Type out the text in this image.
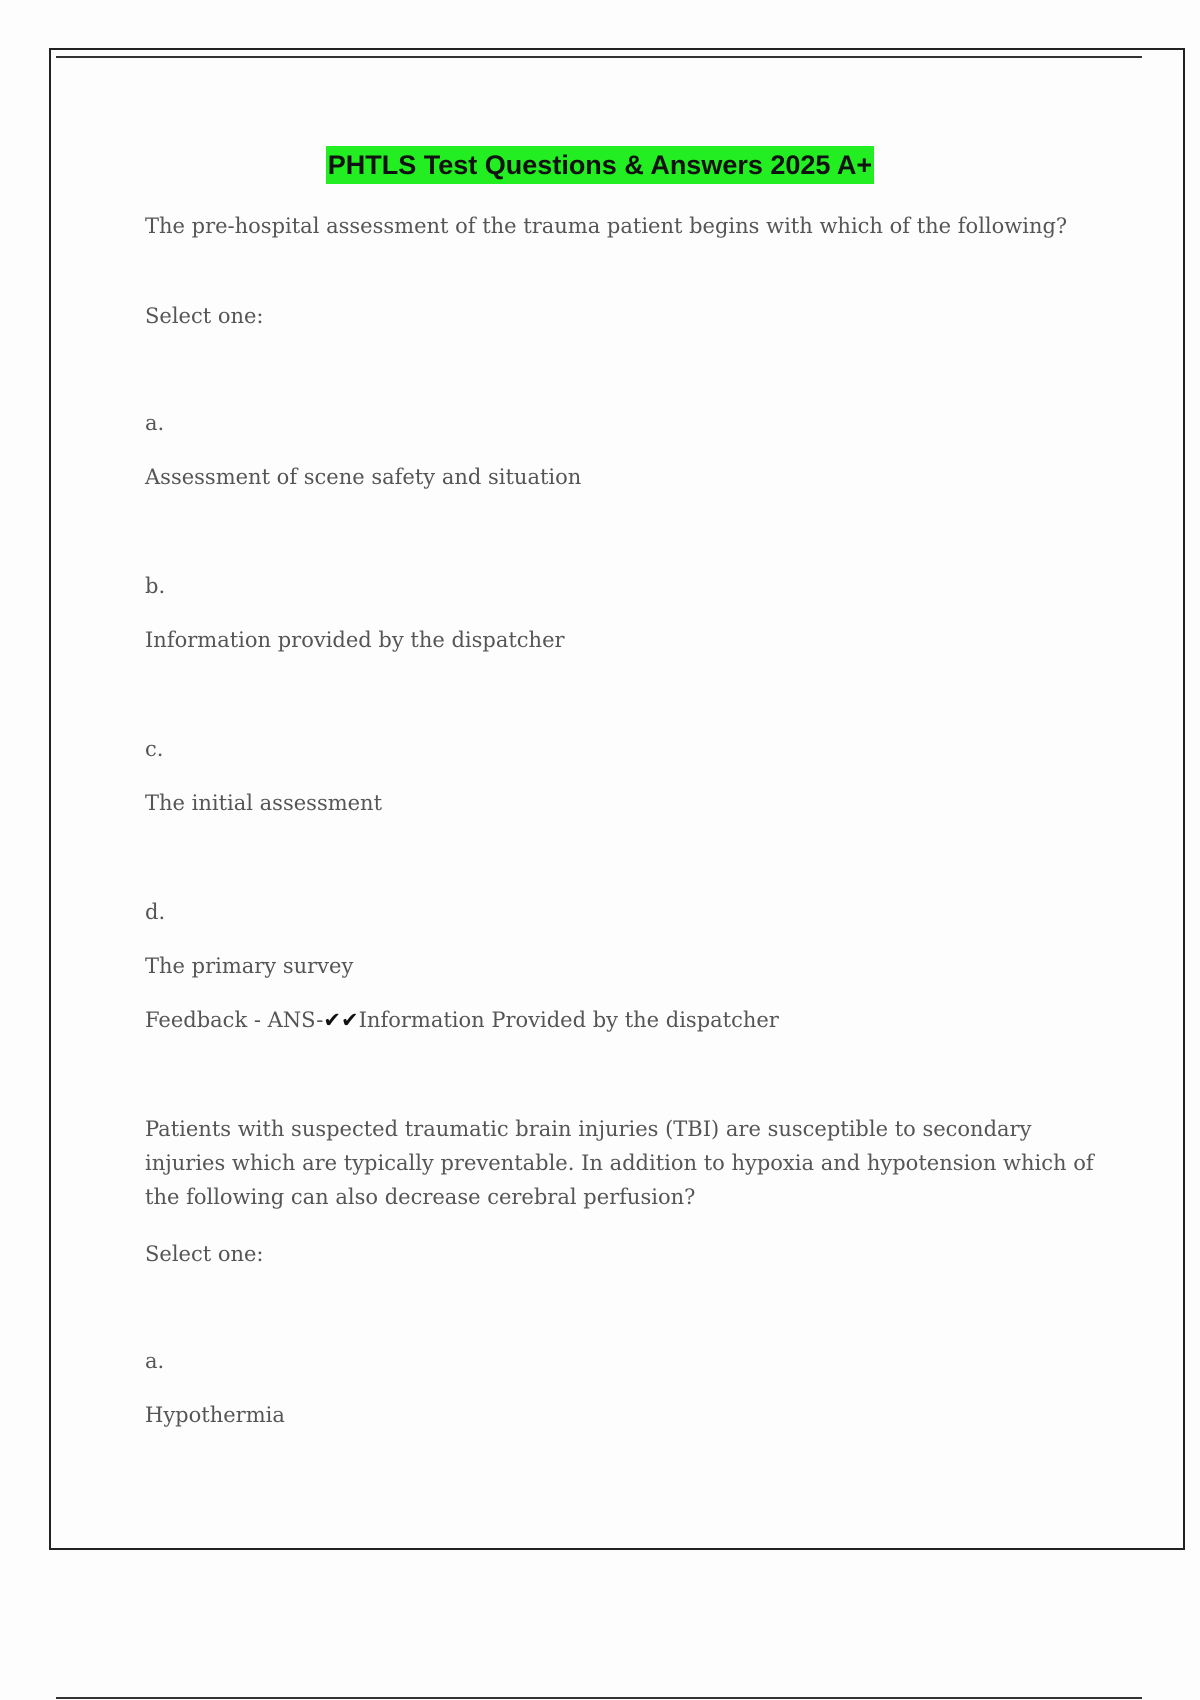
PHTLS Test Questions & Answers 2025 A+

The pre-hospital assessment of the trauma patient begins with which of the following?

Select one:

a.

Assessment of scene safety and situation

b.

Information provided by the dispatcher

c.

The initial assessment

d.

The primary survey

Feedback - ANS-✔✔Information Provided by the dispatcher

Patients with suspected traumatic brain injuries (TBI) are susceptible to secondary injuries which are typically preventable. In addition to hypoxia and hypotension which of the following can also decrease cerebral perfusion?

Select one:

a.

Hypothermia
